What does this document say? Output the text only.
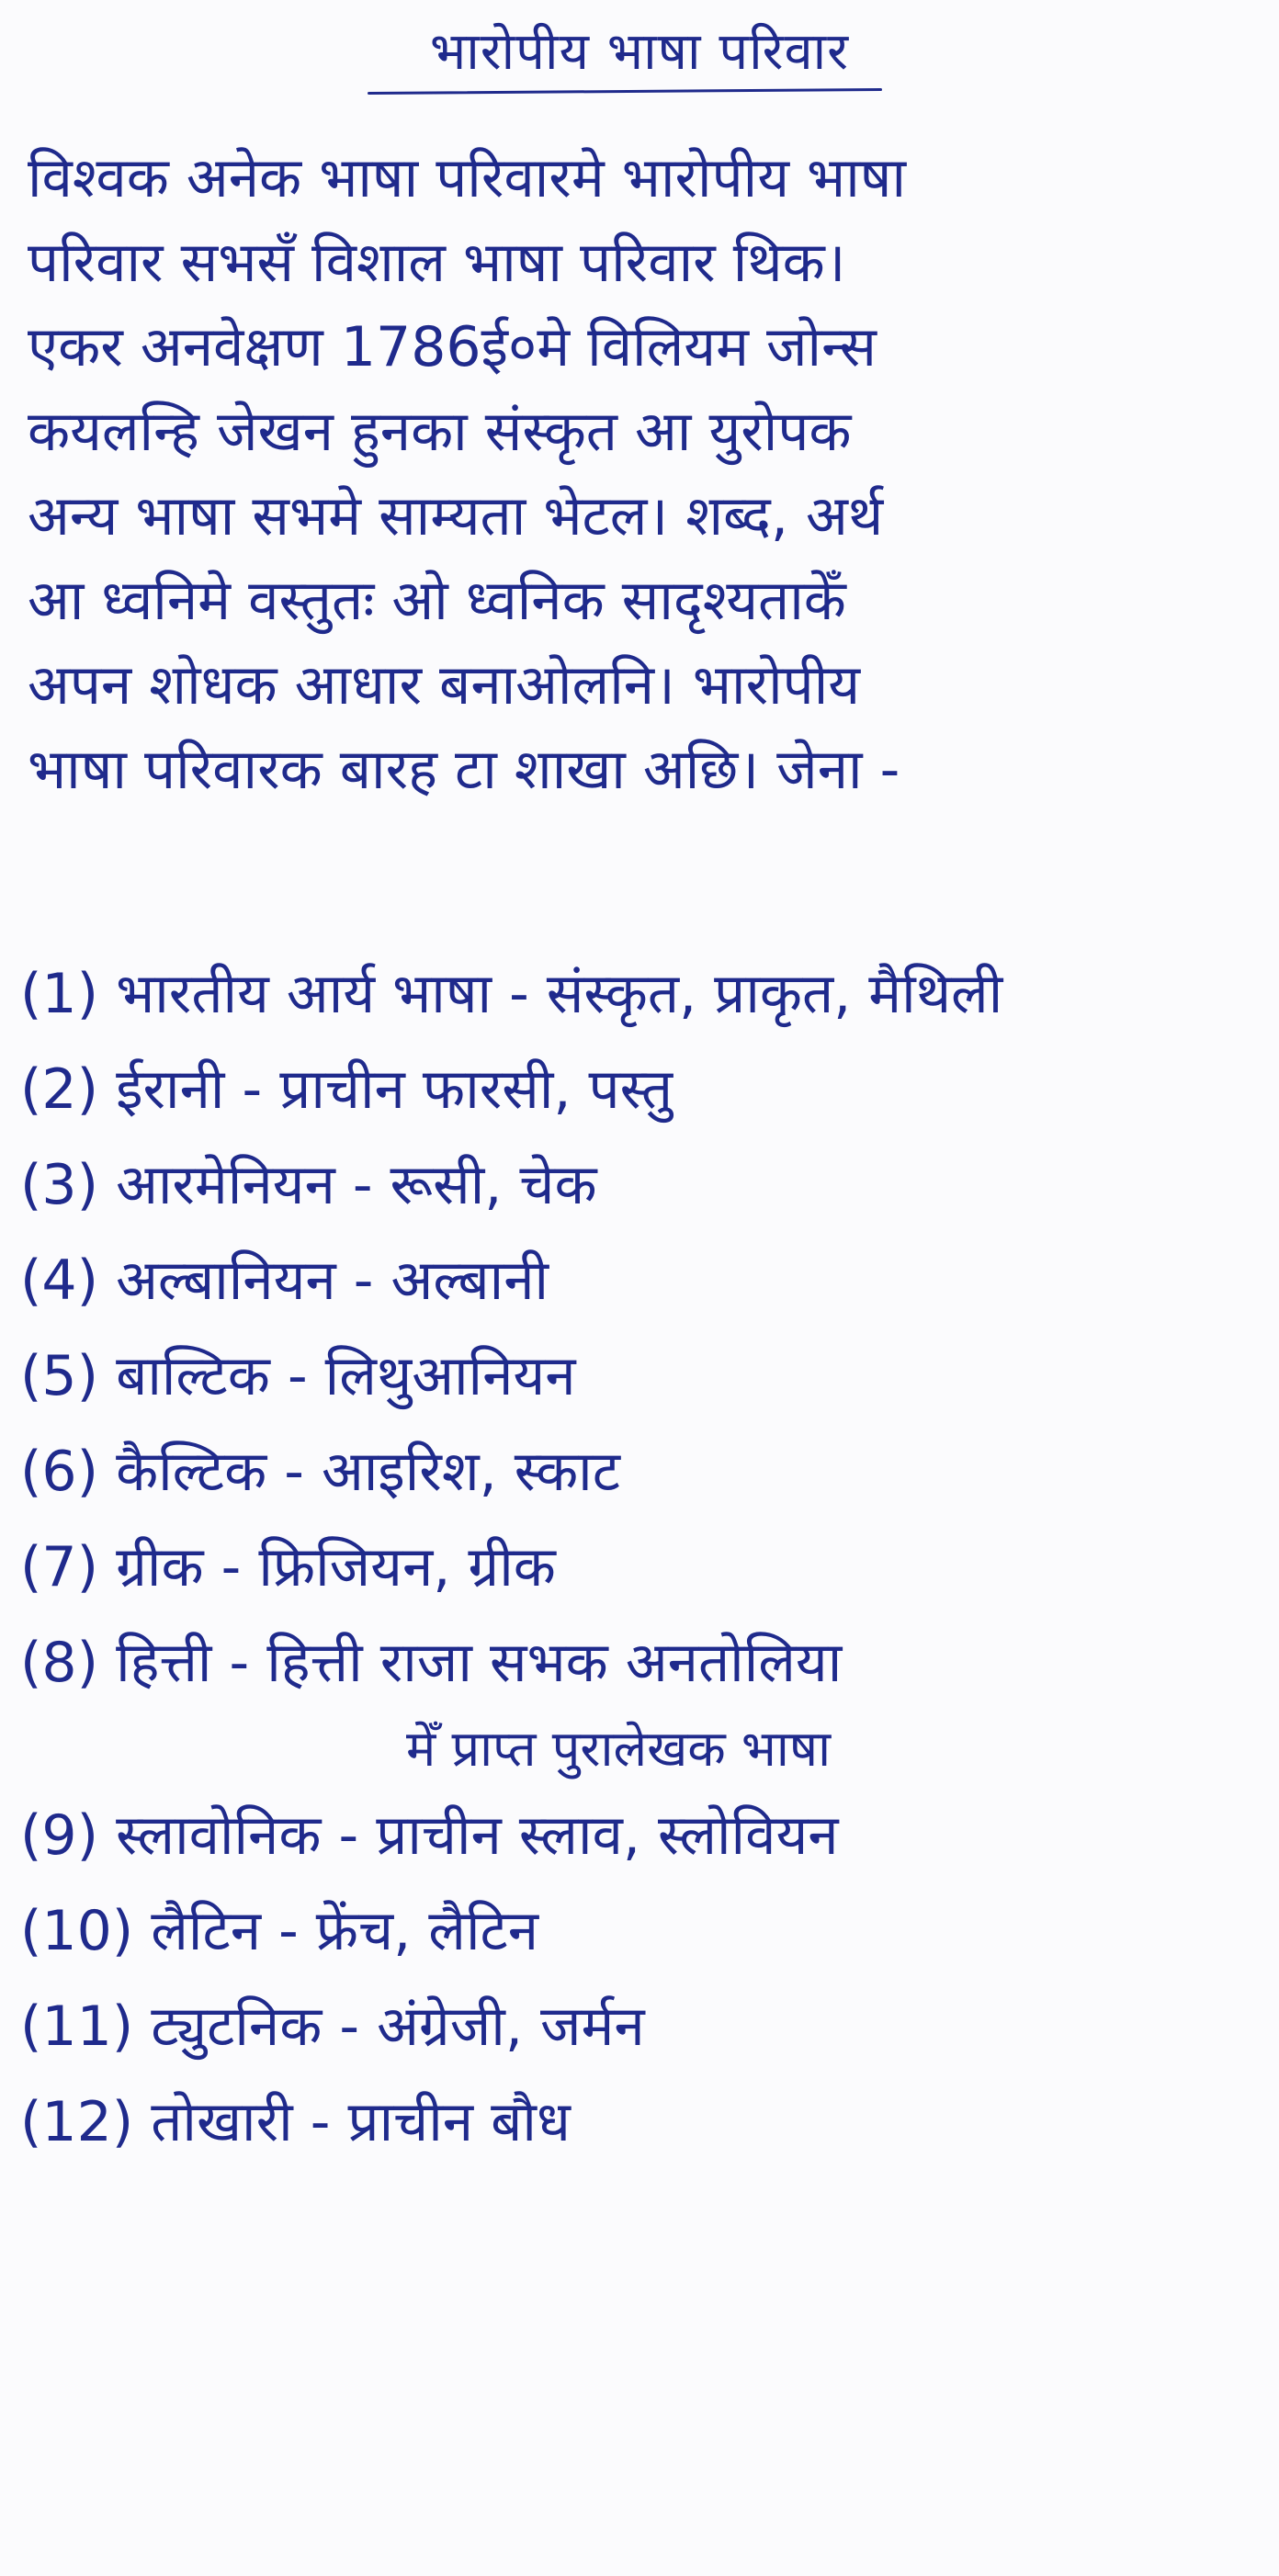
भारोपीय भाषा परिवार
विश्वक अनेक भाषा परिवारमे भारोपीय भाषा
परिवार सभसँ विशाल भाषा परिवार थिक।
एकर अनवेक्षण 1786ई०मे विलियम जोन्स
कयलन्हि जेखन हुनका संस्कृत आ युरोपक
अन्य भाषा सभमे साम्यता भेटल। शब्द, अर्थ
आ ध्वनिमे वस्तुतः ओ ध्वनिक सादृश्यताकेँ
अपन शोधक आधार बनाओलनि। भारोपीय
भाषा परिवारक बारह टा शाखा अछि। जेना -
(1) भारतीय आर्य भाषा - संस्कृत, प्राकृत, मैथिली
(2) ईरानी - प्राचीन फारसी, पस्तु
(3) आरमेनियन - रूसी, चेक
(4) अल्बानियन - अल्बानी
(5) बाल्टिक - लिथुआनियन
(6) कैल्टिक - आइरिश, स्काट
(7) ग्रीक - फ्रिजियन, ग्रीक
(8) हित्ती - हित्ती राजा सभक अनतोलिया
मेँ प्राप्त पुरालेखक भाषा
(9) स्लावोनिक - प्राचीन स्लाव, स्लोवियन
(10) लैटिन - फ्रेंच, लैटिन
(11) ट्युटनिक - अंग्रेजी, जर्मन
(12) तोखारी - प्राचीन बौध
